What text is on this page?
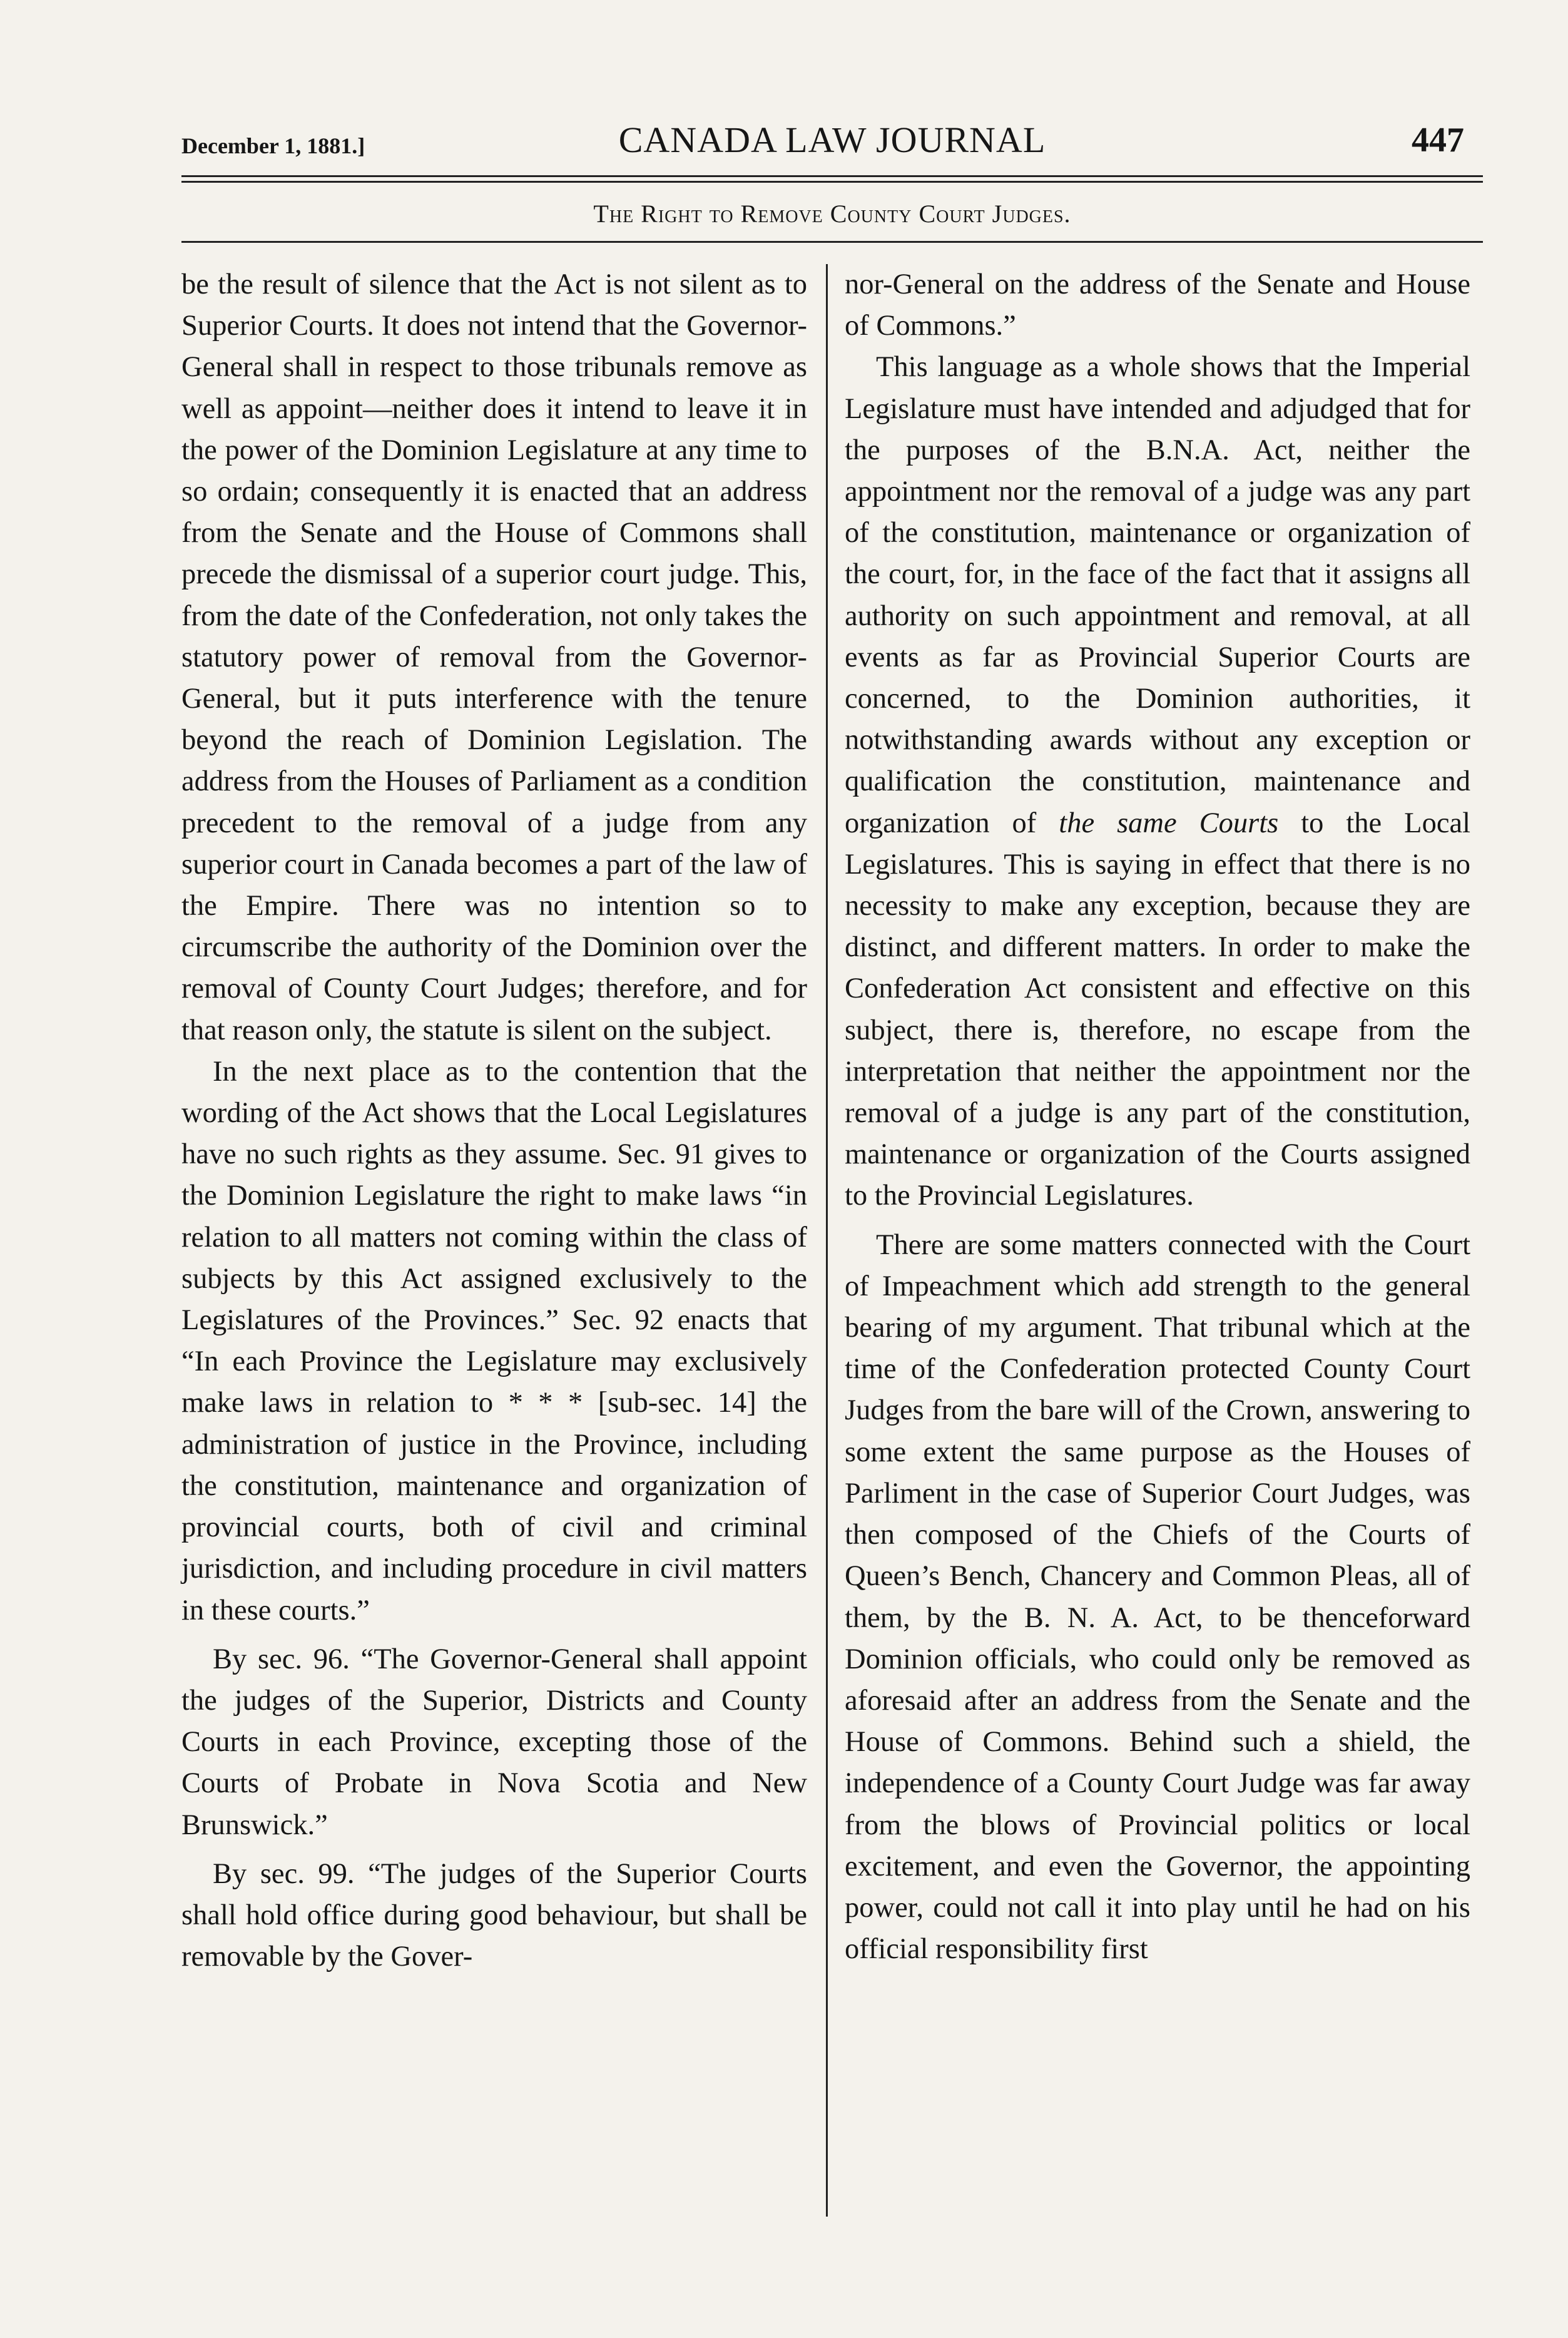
December 1, 1881.]	CANADA LAW JOURNAL	447
The Right to Remove County Court Judges.

be the result of silence that the Act is not silent as to Superior Courts. It does not intend that the Governor-General shall in respect to those tribunals remove as well as appoint—neither does it intend to leave it in the power of the Dominion Legislature at any time to so ordain; consequently it is enacted that an address from the Senate and the House of Commons shall precede the dismissal of a superior court judge. This, from the date of the Confederation, not only takes the statutory power of removal from the Governor-General, but it puts interference with the tenure beyond the reach of Dominion Legislation. The address from the Houses of Parliament as a condition precedent to the removal of a judge from any superior court in Canada becomes a part of the law of the Empire. There was no intention so to circumscribe the authority of the Dominion over the removal of County Court Judges; therefore, and for that reason only, the statute is silent on the subject.

In the next place as to the contention that the wording of the Act shows that the Local Legislatures have no such rights as they assume. Sec. 91 gives to the Dominion Legislature the right to make laws “in relation to all matters not coming within the class of subjects by this Act assigned exclusively to the Legislatures of the Provinces.” Sec. 92 enacts that “In each Province the Legislature may exclusively make laws in relation to * * * [sub-sec. 14] the administration of justice in the Province, including the constitution, maintenance and organization of provincial courts, both of civil and criminal jurisdiction, and including procedure in civil matters in these courts.”

By sec. 96. “The Governor-General shall appoint the judges of the Superior, Districts and County Courts in each Province, excepting those of the Courts of Probate in Nova Scotia and New Brunswick.”

By sec. 99. “The judges of the Superior Courts shall hold office during good behaviour, but shall be removable by the Gover-

nor-General on the address of the Senate and House of Commons.”

This language as a whole shows that the Imperial Legislature must have intended and adjudged that for the purposes of the B.N.A. Act, neither the appointment nor the removal of a judge was any part of the constitution, maintenance or organization of the court, for, in the face of the fact that it assigns all authority on such appointment and removal, at all events as far as Provincial Superior Courts are concerned, to the Dominion authorities, it notwithstanding awards without any exception or qualification the constitution, maintenance and organization of the same Courts to the Local Legislatures. This is saying in effect that there is no necessity to make any exception, because they are distinct, and different matters. In order to make the Confederation Act consistent and effective on this subject, there is, therefore, no escape from the interpretation that neither the appointment nor the removal of a judge is any part of the constitution, maintenance or organization of the Courts assigned to the Provincial Legislatures.

There are some matters connected with the Court of Impeachment which add strength to the general bearing of my argument. That tribunal which at the time of the Confederation protected County Court Judges from the bare will of the Crown, answering to some extent the same purpose as the Houses of Parliment in the case of Superior Court Judges, was then composed of the Chiefs of the Courts of Queen’s Bench, Chancery and Common Pleas, all of them, by the B. N. A. Act, to be thenceforward Dominion officials, who could only be removed as aforesaid after an address from the Senate and the House of Commons. Behind such a shield, the independence of a County Court Judge was far away from the blows of Provincial politics or local excitement, and even the Governor, the appointing power, could not call it into play until he had on his official responsibility first
